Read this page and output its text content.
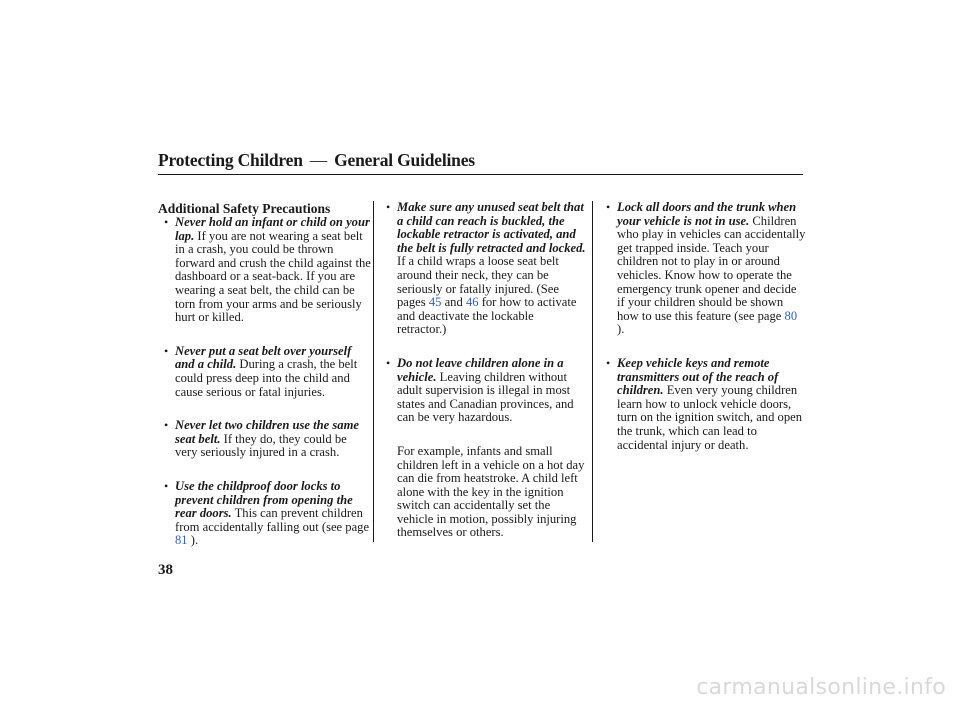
Protecting Children — General Guidelines

Additional Safety Precautions

• Never hold an infant or child on your lap. If you are not wearing a seat belt in a crash, you could be thrown forward and crush the child against the dashboard or a seat-back. If you are wearing a seat belt, the child can be torn from your arms and be seriously hurt or killed.

• Never put a seat belt over yourself and a child. During a crash, the belt could press deep into the child and cause serious or fatal injuries.

• Never let two children use the same seat belt. If they do, they could be very seriously injured in a crash.

• Use the childproof door locks to prevent children from opening the rear doors. This can prevent children from accidentally falling out (see page 81 ).

• Make sure any unused seat belt that a child can reach is buckled, the lockable retractor is activated, and the belt is fully retracted and locked. If a child wraps a loose seat belt around their neck, they can be seriously or fatally injured. (See pages 45 and 46 for how to activate and deactivate the lockable retractor.)

• Do not leave children alone in a vehicle. Leaving children without adult supervision is illegal in most states and Canadian provinces, and can be very hazardous.

For example, infants and small children left in a vehicle on a hot day can die from heatstroke. A child left alone with the key in the ignition switch can accidentally set the vehicle in motion, possibly injuring themselves or others.

• Lock all doors and the trunk when your vehicle is not in use. Children who play in vehicles can accidentally get trapped inside. Teach your children not to play in or around vehicles. Know how to operate the emergency trunk opener and decide if your children should be shown how to use this feature (see page 80 ).

• Keep vehicle keys and remote transmitters out of the reach of children. Even very young children learn how to unlock vehicle doors, turn on the ignition switch, and open the trunk, which can lead to accidental injury or death.

38
carmanualsonline.info
